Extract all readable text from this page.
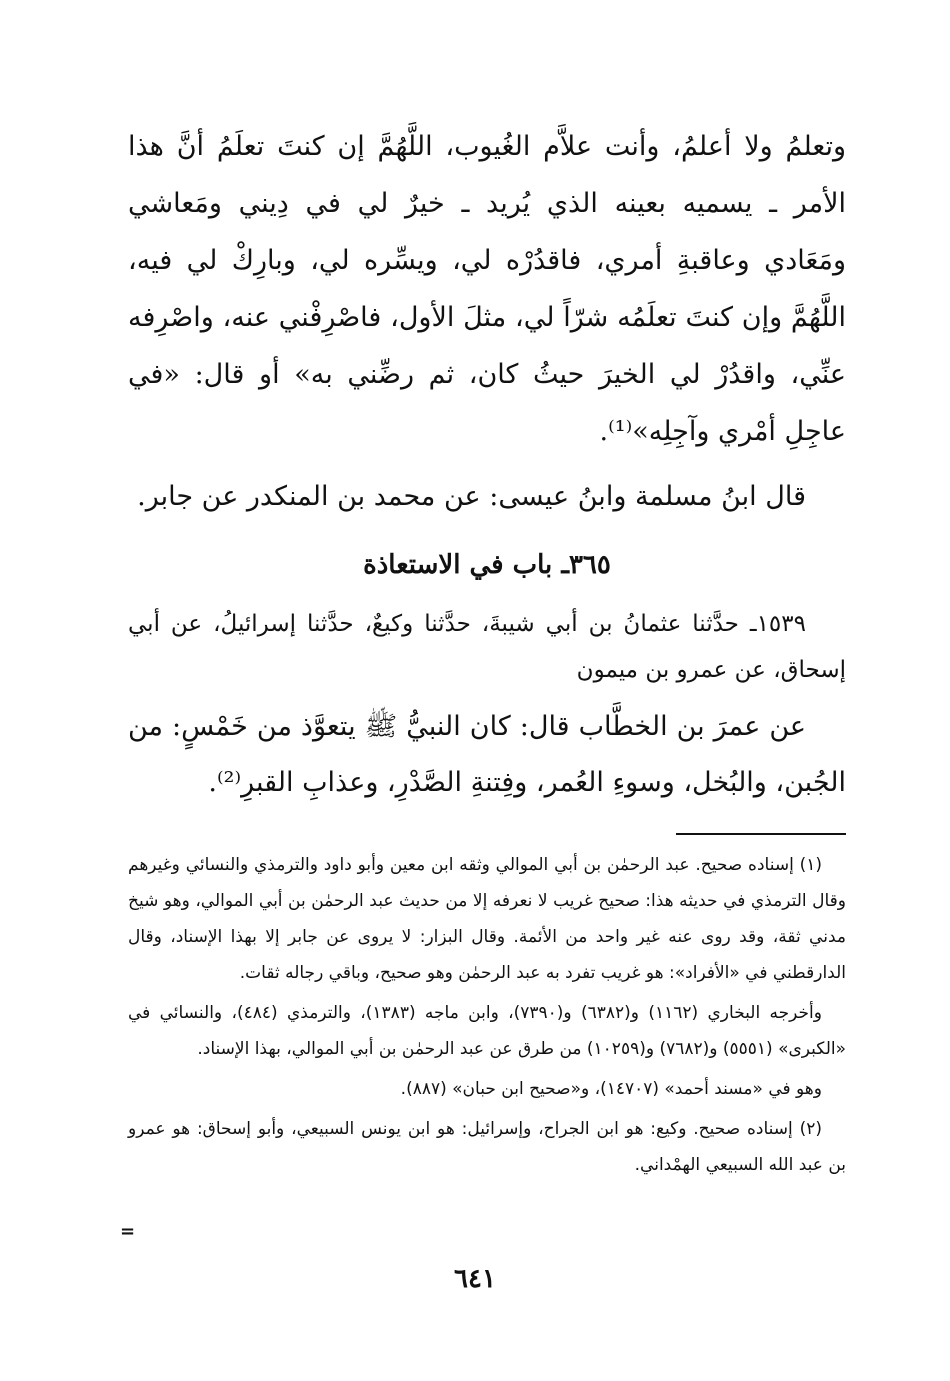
وتعلمُ ولا أعلمُ، وأنت علاَّم الغُيوب، اللَّهُمَّ إن كنتَ تعلَمُ أنَّ هذا الأمر ـ يسميه بعينه الذي يُريد ـ خيرٌ لي في دِيني ومَعاشي ومَعَادي وعاقبةِ أمري، فاقدُرْه لي، ويسِّره لي، وبارِكْ لي فيه، اللَّهُمَّ وإن كنتَ تعلَمُه شرّاً لي، مثلَ الأول، فاصْرِفْني عنه، واصْرِفه عنِّي، واقدُرْ لي الخيرَ حيثُ كان، ثم رضِّني به» أو قال: «في عاجِلِ أمْري وآجِلِه»⁽¹⁾.

قال ابنُ مسلمة وابنُ عيسى: عن محمد بن المنكدر عن جابر.

٣٦٥ـ باب في الاستعاذة

١٥٣٩ـ حدَّثنا عثمانُ بن أبي شيبةَ، حدَّثنا وكيعٌ، حدَّثنا إسرائيلُ، عن أبي إسحاق، عن عمرو بن ميمون

عن عمرَ بن الخطَّاب قال: كان النبيُّ ﷺ يتعوَّذ من خَمْسٍ: من الجُبن، والبُخل، وسوءِ العُمر، وفِتنةِ الصَّدْرِ، وعذابِ القبرِ⁽²⁾.

(١) إسناده صحيح. عبد الرحمٰن بن أبي الموالي وثقه ابن معين وأبو داود والترمذي والنسائي وغيرهم وقال الترمذي في حديثه هذا: صحيح غريب لا نعرفه إلا من حديث عبد الرحمٰن بن أبي الموالي، وهو شيخ مدني ثقة، وقد روى عنه غير واحد من الأئمة. وقال البزار: لا يروى عن جابر إلا بهذا الإسناد، وقال الدارقطني في «الأفراد»: هو غريب تفرد به عبد الرحمٰن وهو صحيح، وباقي رجاله ثقات.

وأخرجه البخاري (١١٦٢) و(٦٣٨٢) و(٧٣٩٠)، وابن ماجه (١٣٨٣)، والترمذي (٤٨٤)، والنسائي في «الكبرى» (٥٥٥١) و(٧٦٨٢) و(١٠٢٥٩) من طرق عن عبد الرحمٰن بن أبي الموالي، بهذا الإسناد.

وهو في «مسند أحمد» (١٤٧٠٧)، و«صحيح ابن حبان» (٨٨٧).

(٢) إسناده صحيح. وكيع: هو ابن الجراح، وإسرائيل: هو ابن يونس السبيعي، وأبو إسحاق: هو عمرو بن عبد الله السبيعي الهمْداني.

=
٦٤١
